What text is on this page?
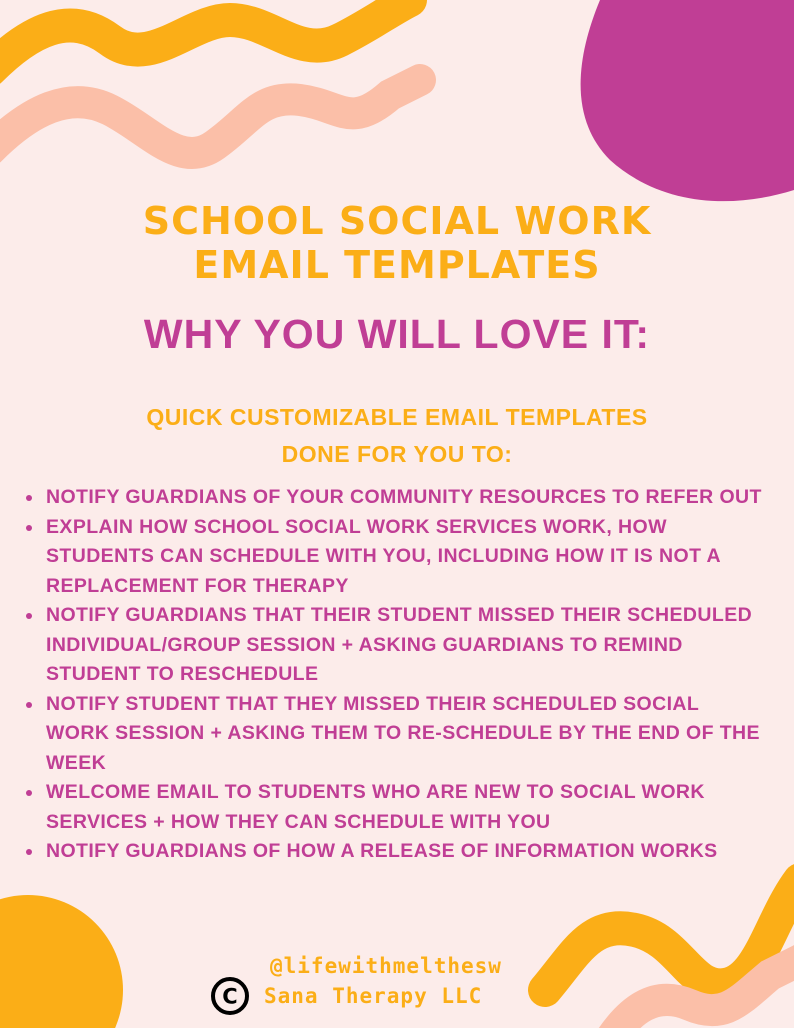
SCHOOL SOCIAL WORK
EMAIL TEMPLATES
WHY YOU WILL LOVE IT:
QUICK CUSTOMIZABLE EMAIL TEMPLATES
DONE FOR YOU TO:
NOTIFY GUARDIANS OF YOUR COMMUNITY RESOURCES TO REFER OUT
EXPLAIN HOW SCHOOL SOCIAL WORK SERVICES WORK, HOW STUDENTS CAN SCHEDULE WITH YOU, INCLUDING HOW IT IS NOT A REPLACEMENT FOR THERAPY
NOTIFY GUARDIANS THAT THEIR STUDENT MISSED THEIR SCHEDULED INDIVIDUAL/GROUP SESSION + ASKING GUARDIANS TO REMIND STUDENT TO RESCHEDULE
NOTIFY STUDENT THAT THEY MISSED THEIR SCHEDULED SOCIAL WORK SESSION + ASKING THEM TO RE-SCHEDULE BY THE END OF THE WEEK
WELCOME EMAIL TO STUDENTS WHO ARE NEW TO SOCIAL WORK SERVICES + HOW THEY CAN SCHEDULE WITH YOU
NOTIFY GUARDIANS OF HOW A RELEASE OF INFORMATION WORKS
@lifewithmelthesw
C Sana Therapy LLC
